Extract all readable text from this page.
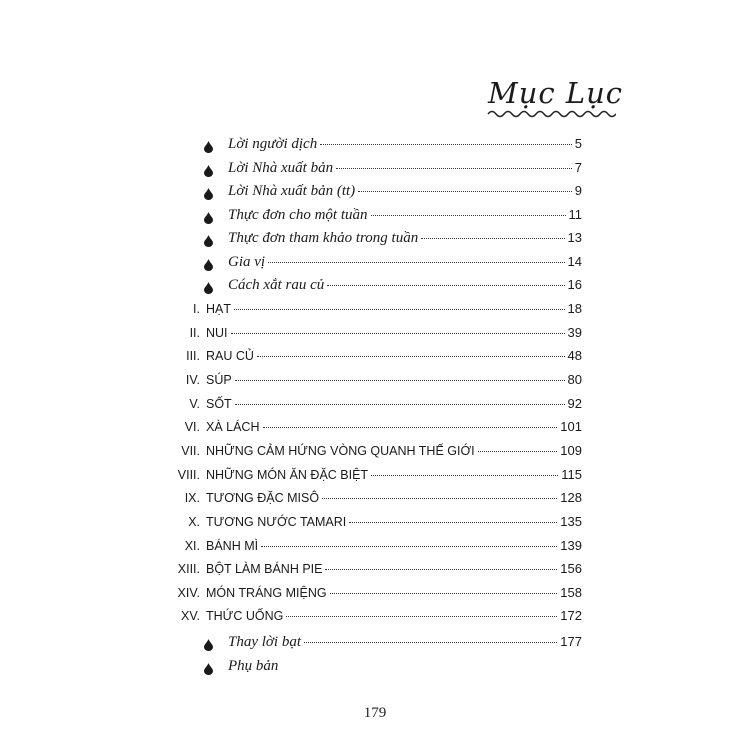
Mục Lục
Lời người dịch	5
Lời Nhà xuất bản	7
Lời Nhà xuất bản (tt)	9
Thực đơn cho một tuần	11
Thực đơn tham khảo trong tuần	13
Gia vị	14
Cách xắt rau củ	16
I. HẠT	18
II. NUI	39
III. RAU CỦ	48
IV. SÚP	80
V. SỐT	92
VI. XÀ LÁCH	101
VII. NHỮNG CẢM HỨNG VÒNG QUANH THẾ GIỚI	109
VIII. NHỮNG MÓN ĂN ĐẶC BIỆT	115
IX. TƯƠNG ĐẶC MISÔ	128
X. TƯƠNG NƯỚC TAMARI	135
XI. BÁNH MÌ	139
XIII. BỘT LÀM BÁNH PIE	156
XIV. MÓN TRÁNG MIỆNG	158
XV. THỨC UỐNG	172
Thay lời bạt	177
Phụ bản
179
